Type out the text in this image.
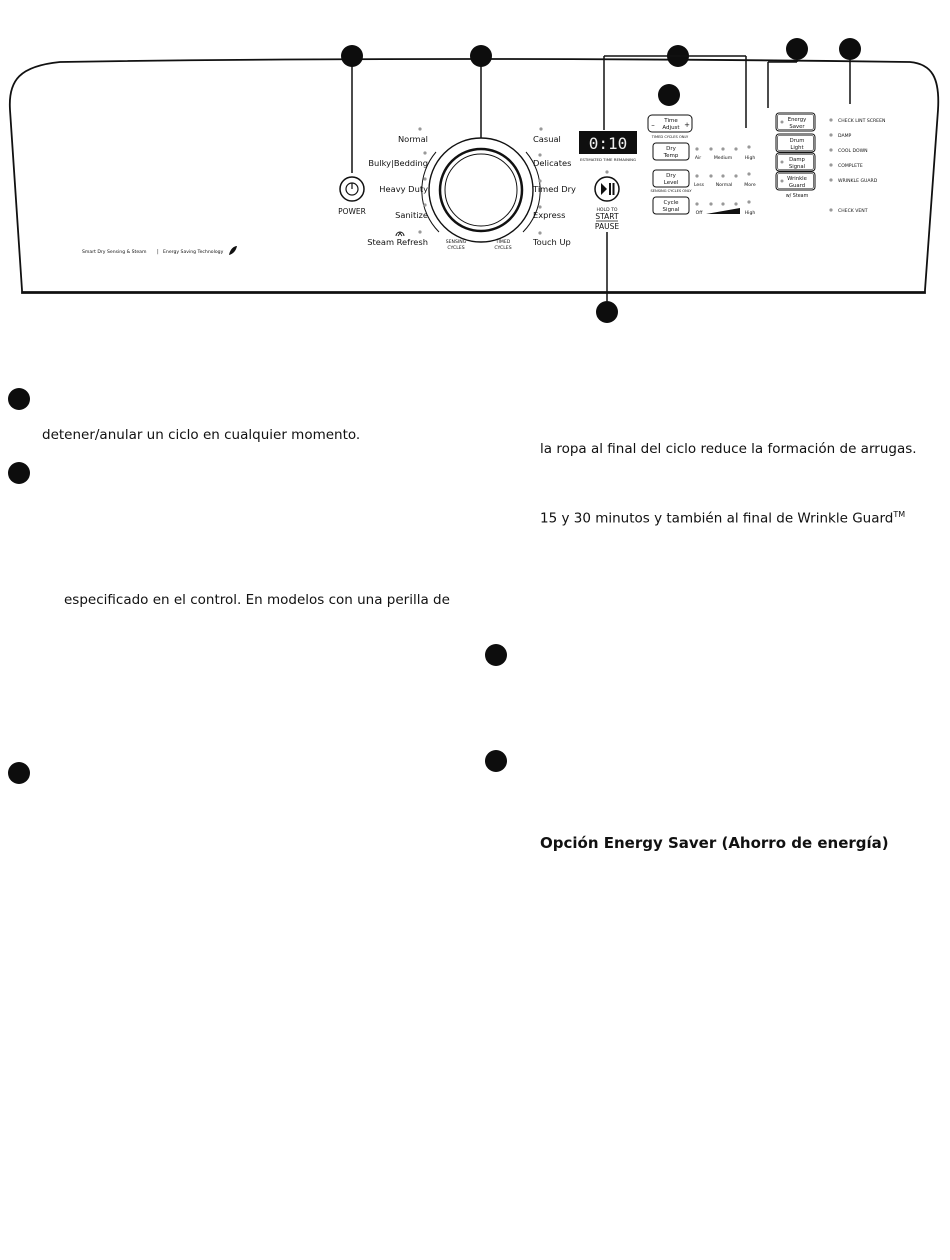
POWER
Smart Dry Sensing & Steam | Energy Saving Technology
Normal
Bulky|Bedding
Heavy Duty
Sanitize
Steam Refresh
Casual
Delicates
Timed Dry
Express
Touch Up
SENSING
CYCLES
TIMED
CYCLES
0:10
ESTIMATED TIME REMAINING
HOLD TO
START
PAUSE
– Time
Adjust +
TIMED CYCLES ONLY
Dry
Temp	Air	Medium	High
Dry
Level
SENSING CYCLES ONLY
Less	Normal	More
Cycle
Signal
Off	High
Energy
Saver
Drum
Light
Damp
Signal
Wrinkle
Guard
w/ Steam
CHECK LINT SCREEN
DAMP
COOL DOWN
COMPLETE
WRINKLE GUARD
CHECK VENT
detener/anular un ciclo en cualquier momento.
especificado en el control. En modelos con una perilla de
la ropa al final del ciclo reduce la formación de arrugas.
15 y 30 minutos y también al final de Wrinkle Guard™
Opción Energy Saver (Ahorro de energía)
